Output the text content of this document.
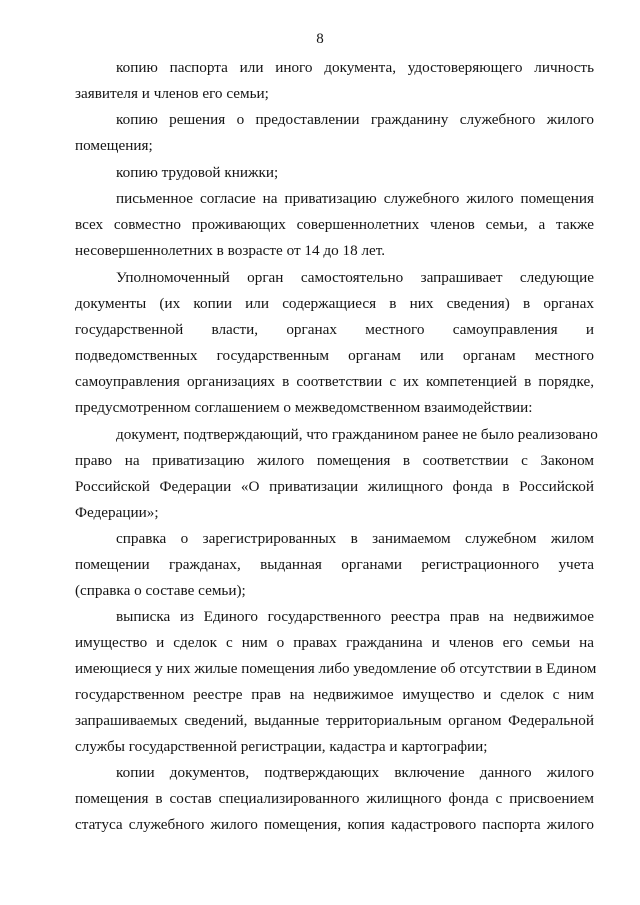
8
копию паспорта или иного документа, удостоверяющего личность
заявителя и членов его семьи;
копию решения о предоставлении гражданину служебного жилого
помещения;
копию трудовой книжки;
письменное согласие на приватизацию служебного жилого помещения
всех совместно проживающих совершеннолетних членов семьи, а также
несовершеннолетних в возрасте от 14 до 18 лет.
Уполномоченный орган самостоятельно запрашивает следующие
документы (их копии или содержащиеся в них сведения) в органах
государственной власти, органах местного самоуправления и
подведомственных государственным органам или органам местного
самоуправления организациях в соответствии с их компетенцией в порядке,
предусмотренном соглашением о межведомственном взаимодействии:
документ, подтверждающий, что гражданином ранее не было реализовано
право на приватизацию жилого помещения в соответствии с Законом
Российской Федерации «О приватизации жилищного фонда в Российской
Федерации»;
справка о зарегистрированных в занимаемом служебном жилом
помещении гражданах, выданная органами регистрационного учета
(справка о составе семьи);
выписка из Единого государственного реестра прав на недвижимое
имущество и сделок с ним о правах гражданина и членов его семьи на
имеющиеся у них жилые помещения либо уведомление об отсутствии в Едином
государственном реестре прав на недвижимое имущество и сделок с ним
запрашиваемых сведений, выданные территориальным органом Федеральной
службы государственной регистрации, кадастра и картографии;
копии документов, подтверждающих включение данного жилого
помещения в состав специализированного жилищного фонда с присвоением
статуса служебного жилого помещения, копия кадастрового паспорта жилого
